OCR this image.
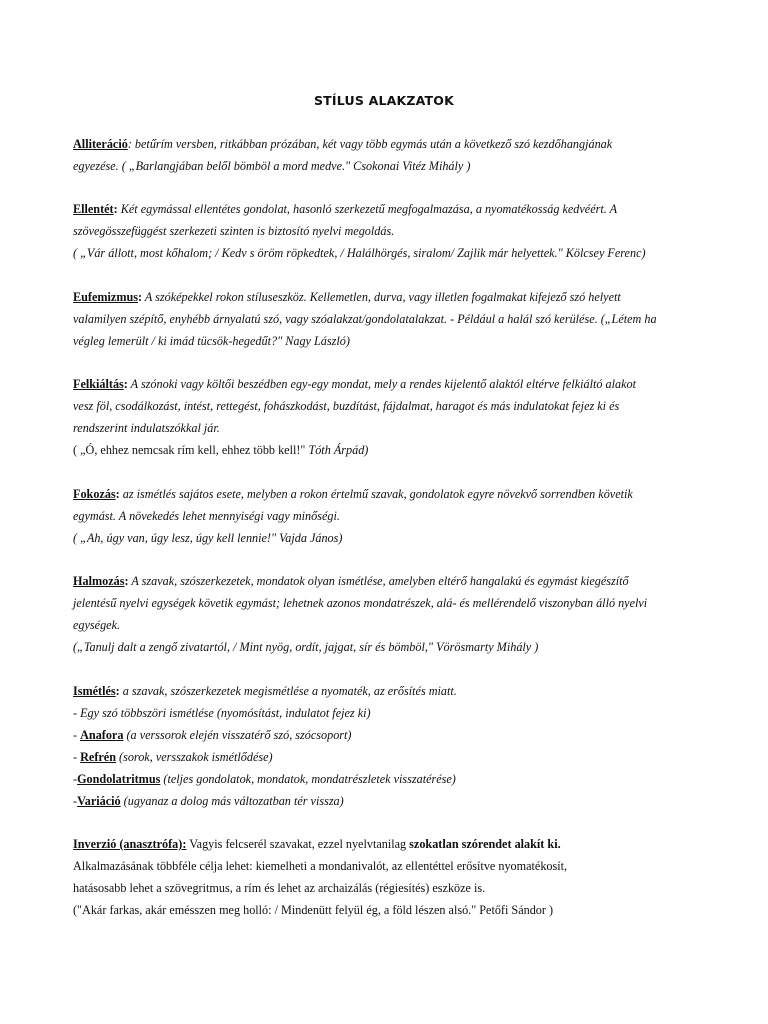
STÍLUS ALAKZATOK
Alliteráció: betűrím versben, ritkábban prózában, két vagy több egymás után a következő szó kezdőhangjának
egyezése. ( „Barlangjában belől bömböl a mord medve." Csokonai Vitéz Mihály )
Ellentét: Két egymással ellentétes gondolat, hasonló szerkezetű megfogalmazása, a nyomatékosság kedvéért. A
szövegösszefüggést szerkezeti szinten is biztosító nyelvi megoldás.
( „Vár állott, most kőhalom; / Kedv s öröm röpkedtek, / Halálhörgés, siralom/ Zajlik már helyettek." Kölcsey Ferenc)
Eufemizmus: A szóképekkel rokon stíluseszköz. Kellemetlen, durva, vagy illetlen fogalmakat kifejező szó helyett
valamilyen szépítő, enyhébb árnyalatú szó, vagy szóalakzat/gondolatalakzat. - Például a halál szó kerülése. („Létem ha
végleg lemerült / ki imád tücsök-hegedűt?" Nagy László)
Felkiáltás: A szónoki vagy költői beszédben egy-egy mondat, mely a rendes kijelentő alaktól eltérve felkiáltó alakot
vesz föl, csodálkozást, intést, rettegést, fohászkodást, buzdítást, fájdalmat, haragot és más indulatokat fejez ki és
rendszerint indulatszókkal jár.
( „Ó, ehhez nemcsak rím kell, ehhez több kell!" Tóth Árpád)
Fokozás: az ismétlés sajátos esete, melyben a rokon értelmű szavak, gondolatok egyre növekvő sorrendben követik
egymást. A növekedés lehet mennyiségi vagy minőségi.
( „Ah, úgy van, úgy lesz, úgy kell lennie!" Vajda János)
Halmozás: A szavak, szószerkezetek, mondatok olyan ismétlése, amelyben eltérő hangalakú és egymást kiegészítő
jelentésű nyelvi egységek követik egymást; lehetnek azonos mondatrészek, alá- és mellérendelő viszonyban álló nyelvi
egységek.
(„Tanulj dalt a zengő zivatartól, / Mint nyög, ordít, jajgat, sír és bömböl," Vörösmarty Mihály )
Ismétlés: a szavak, szószerkezetek megismétlése a nyomaték, az erősítés miatt.
- Egy szó többszöri ismétlése (nyomósítást, indulatot fejez ki)
- Anafora (a verssorok elején visszatérő szó, szócsoport)
- Refrén (sorok, versszakok ismétlődése)
-Gondolatritmus (teljes gondolatok, mondatok, mondatrészletek visszatérése)
-Variáció (ugyanaz a dolog más változatban tér vissza)
Inverzió (anasztrófa): Vagyis felcserél szavakat, ezzel nyelvtanilag szokatlan szórendet alakít ki.
Alkalmazásának többféle célja lehet: kiemelheti a mondanivalót, az ellentéttel erősítve nyomatékosít,
hatásosabb lehet a szövegritmus, a rím és lehet az archaizálás (régiesítés) eszköze is.
("Akár farkas, akár emésszen meg holló: / Mindenütt felyül ég, a föld lészen alsó." Petőfi Sándor )
